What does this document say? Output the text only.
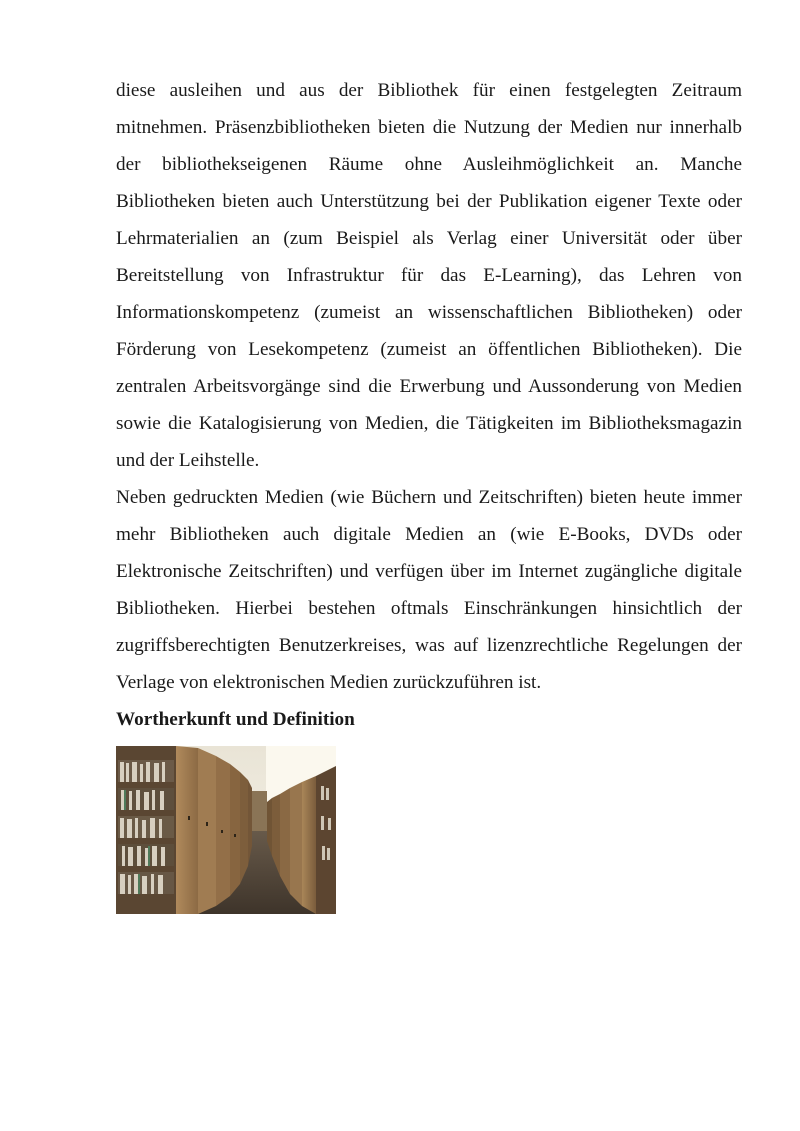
diese ausleihen und aus der Bibliothek für einen festgelegten Zeitraum mitnehmen. Präsenzbibliotheken bieten die Nutzung der Medien nur innerhalb der bibliothekseigenen Räume ohne Ausleihmöglichkeit an. Manche Bibliotheken bieten auch Unterstützung bei der Publikation eigener Texte oder Lehrmaterialien an (zum Beispiel als Verlag einer Universität oder über Bereitstellung von Infrastruktur für das E-Learning), das Lehren von Informationskompetenz (zumeist an wissenschaftlichen Bibliotheken) oder Förderung von Lesekompetenz (zumeist an öffentlichen Bibliotheken). Die zentralen Arbeitsvorgänge sind die Erwerbung und Aussonderung von Medien sowie die Katalogisierung von Medien, die Tätigkeiten im Bibliotheksmagazin und der Leihstelle.

Neben gedruckten Medien (wie Büchern und Zeitschriften) bieten heute immer mehr Bibliotheken auch digitale Medien an (wie E-Books, DVDs oder Elektronische Zeitschriften) und verfügen über im Internet zugängliche digitale Bibliotheken. Hierbei bestehen oftmals Einschränkungen hinsichtlich der zugriffsberechtigten Benutzerkreises, was auf lizenzrechtliche Regelungen der Verlage von elektronischen Medien zurückzuführen ist.

Wortherkunft und Definition
